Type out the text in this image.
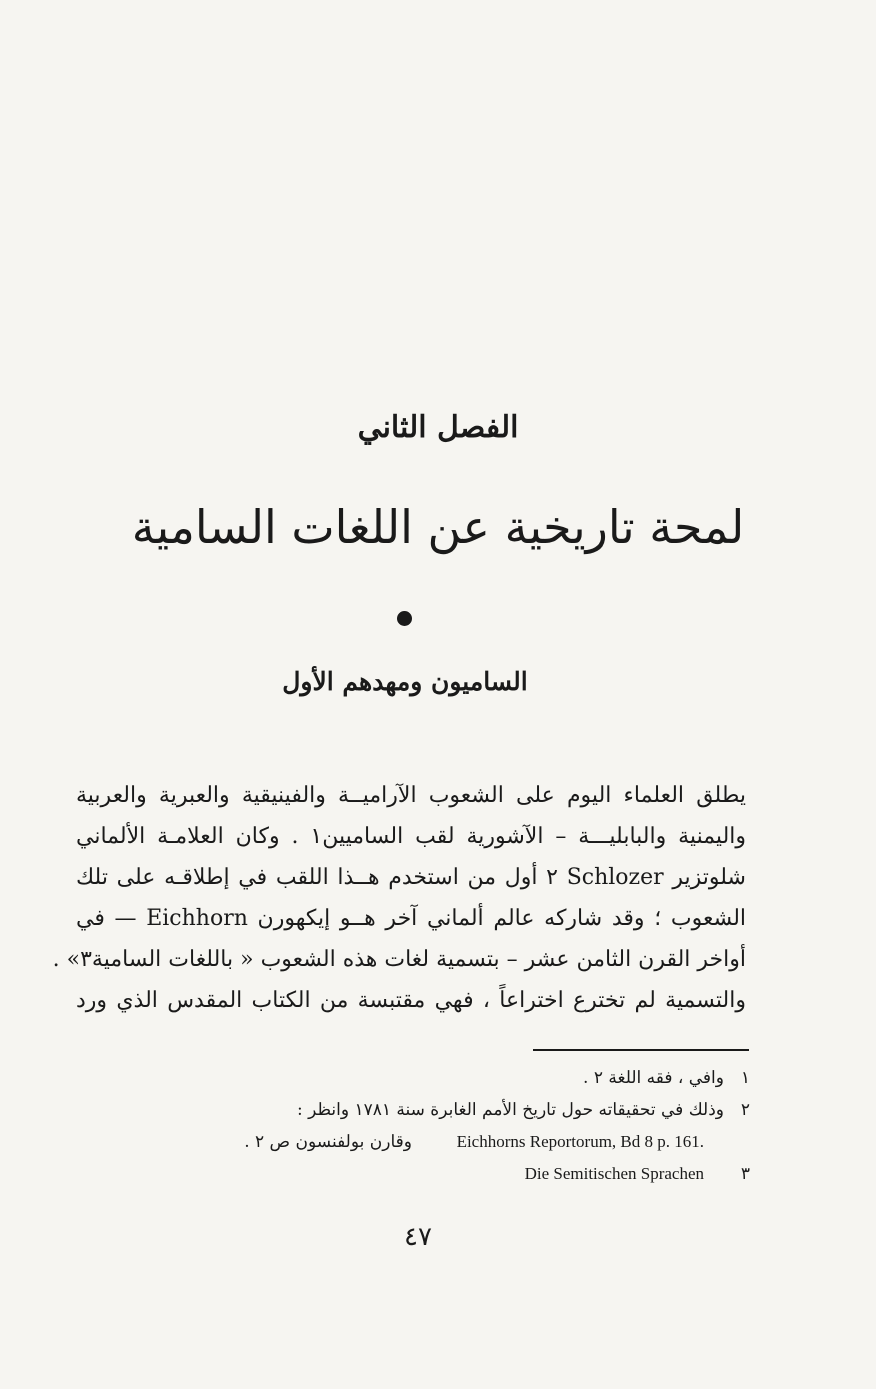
الفصل الثاني
لمحة تاريخية عن اللغات السامية
الساميون ومهدهم الأول
يطلق العلماء اليوم على الشعوب الآراميــة والفينيقية والعبرية والعربية
واليمنية والبابليـــة – الآشورية لقب الساميين١ . وكان العلامـة الألماني
شلوتزير Schlozer ٢ أول من استخدم هــذا اللقب في إطلاقـه على تلك
الشعوب ؛ وقد شاركه عالم ألماني آخر هــو إيكهورن Eichhorn — في
أواخر القرن الثامن عشر – بتسمية لغات هذه الشعوب « باللغات السامية٣» .
والتسمية لم تخترع اختراعاً ، فهي مقتبسة من الكتاب المقدس الذي ورد
١
وافي ، فقه اللغة ٢ .
٢
وذلك في تحقيقاته حول تاريخ الأمم الغابرة سنة ١٧٨١ وانظر :
Eichhorns Reportorum, Bd 8 p. 161.
وقارن بولفنسون ص ٢ .
٣
Die Semitischen Sprachen
٤٧
